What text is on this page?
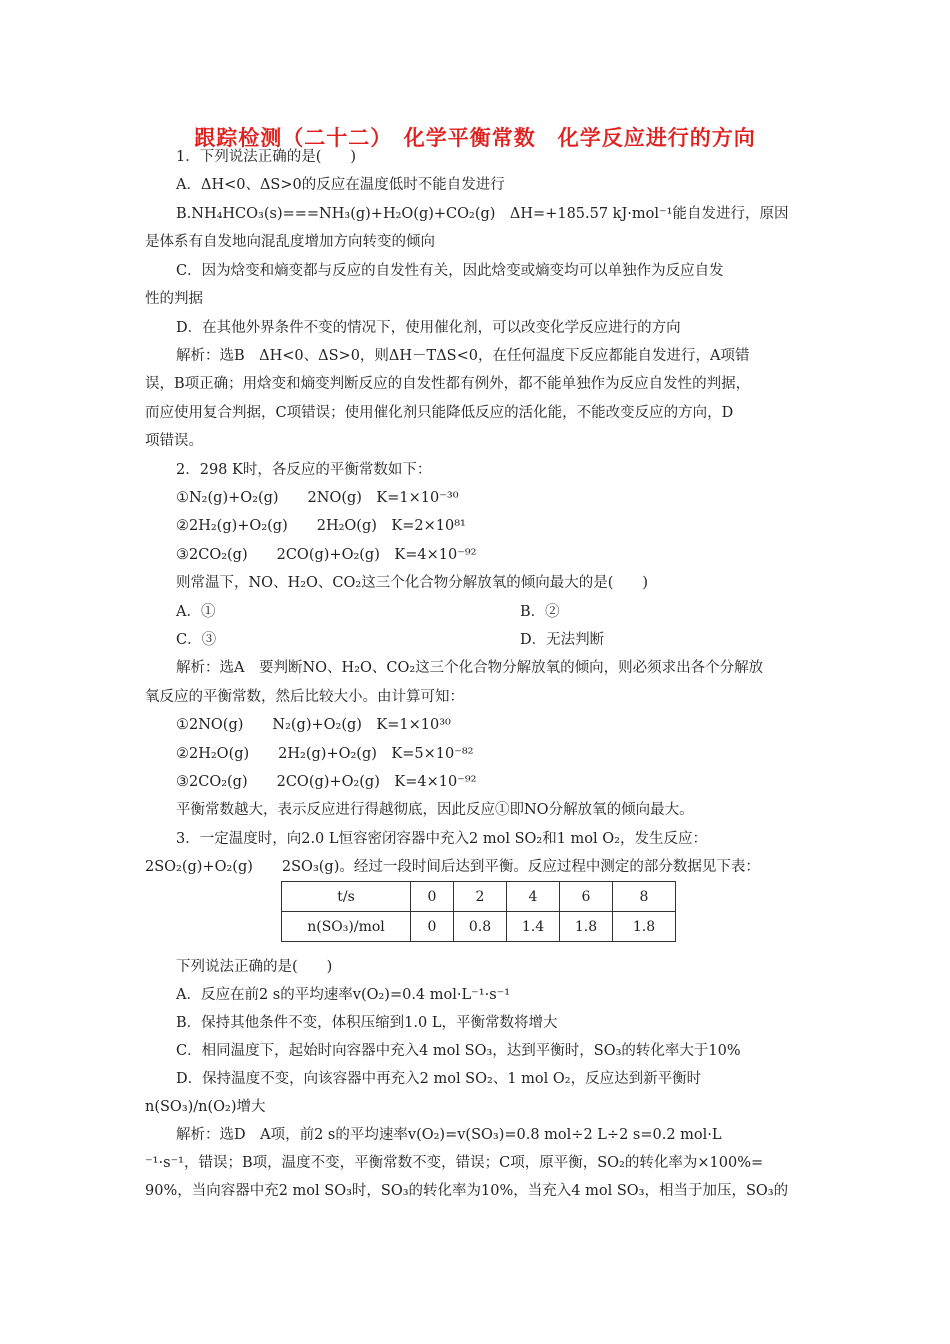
跟踪检测（二十二）　 化学平衡常数　 化学反应进行的方向
1．下列说法正确的是(　　)
A．ΔH<0、ΔS>0的反应在温度低时不能自发进行
B.NH₄HCO₃(s)===NH₃(g)+H₂O(g)+CO₂(g)　ΔH=+185.57 kJ·mol⁻¹能自发进行，原因
是体系有自发地向混乱度增加方向转变的倾向
C．因为焓变和熵变都与反应的自发性有关，因此焓变或熵变均可以单独作为反应自发
性的判据
D．在其他外界条件不变的情况下，使用催化剂，可以改变化学反应进行的方向
解析：选B　ΔH<0、ΔS>0，则ΔH－TΔS<0，在任何温度下反应都能自发进行，A项错
误，B项正确；用焓变和熵变判断反应的自发性都有例外，都不能单独作为反应自发性的判据，
而应使用复合判据，C项错误；使用催化剂只能降低反应的活化能，不能改变反应的方向，D
项错误。
2．298 K时，各反应的平衡常数如下：
①N₂(g)+O₂(g)　　2NO(g)　K=1×10⁻³⁰
②2H₂(g)+O₂(g)　　2H₂O(g)　K=2×10⁸¹
③2CO₂(g)　　2CO(g)+O₂(g)　K=4×10⁻⁹²
则常温下，NO、H₂O、CO₂这三个化合物分解放氧的倾向最大的是(　　)
A．①	B．②
C．③	D．无法判断
解析：选A　要判断NO、H₂O、CO₂这三个化合物分解放氧的倾向，则必须求出各个分解放
氧反应的平衡常数，然后比较大小。由计算可知：
①2NO(g)　　N₂(g)+O₂(g)　K=1×10³⁰
②2H₂O(g)　　2H₂(g)+O₂(g)　K=5×10⁻⁸²
③2CO₂(g)　　2CO(g)+O₂(g)　K=4×10⁻⁹²
平衡常数越大，表示反应进行得越彻底，因此反应①即NO分解放氧的倾向最大。
3．一定温度时，向2.0 L恒容密闭容器中充入2 mol SO₂和1 mol O₂，发生反应：
2SO₂(g)+O₂(g)　　2SO₃(g)。经过一段时间后达到平衡。反应过程中测定的部分数据见下表：
t/s	0	2	4	6	8
n(SO₃)/mol	0	0.8	1.4	1.8	1.8
下列说法正确的是(　　)
A．反应在前2 s的平均速率v(O₂)=0.4 mol·L⁻¹·s⁻¹
B．保持其他条件不变，体积压缩到1.0 L，平衡常数将增大
C．相同温度下，起始时向容器中充入4 mol SO₃，达到平衡时，SO₃的转化率大于10%
D．保持温度不变，向该容器中再充入2 mol SO₂、1 mol O₂，反应达到新平衡时
n(SO₃)/n(O₂)增大
解析：选D　A项，前2 s的平均速率v(O₂)=v(SO₃)=0.8 mol÷2 L÷2 s=0.2 mol·L
⁻¹·s⁻¹，错误；B项，温度不变，平衡常数不变，错误；C项，原平衡，SO₂的转化率为×100%=
90%，当向容器中充2 mol SO₃时，SO₃的转化率为10%，当充入4 mol SO₃，相当于加压，SO₃的
